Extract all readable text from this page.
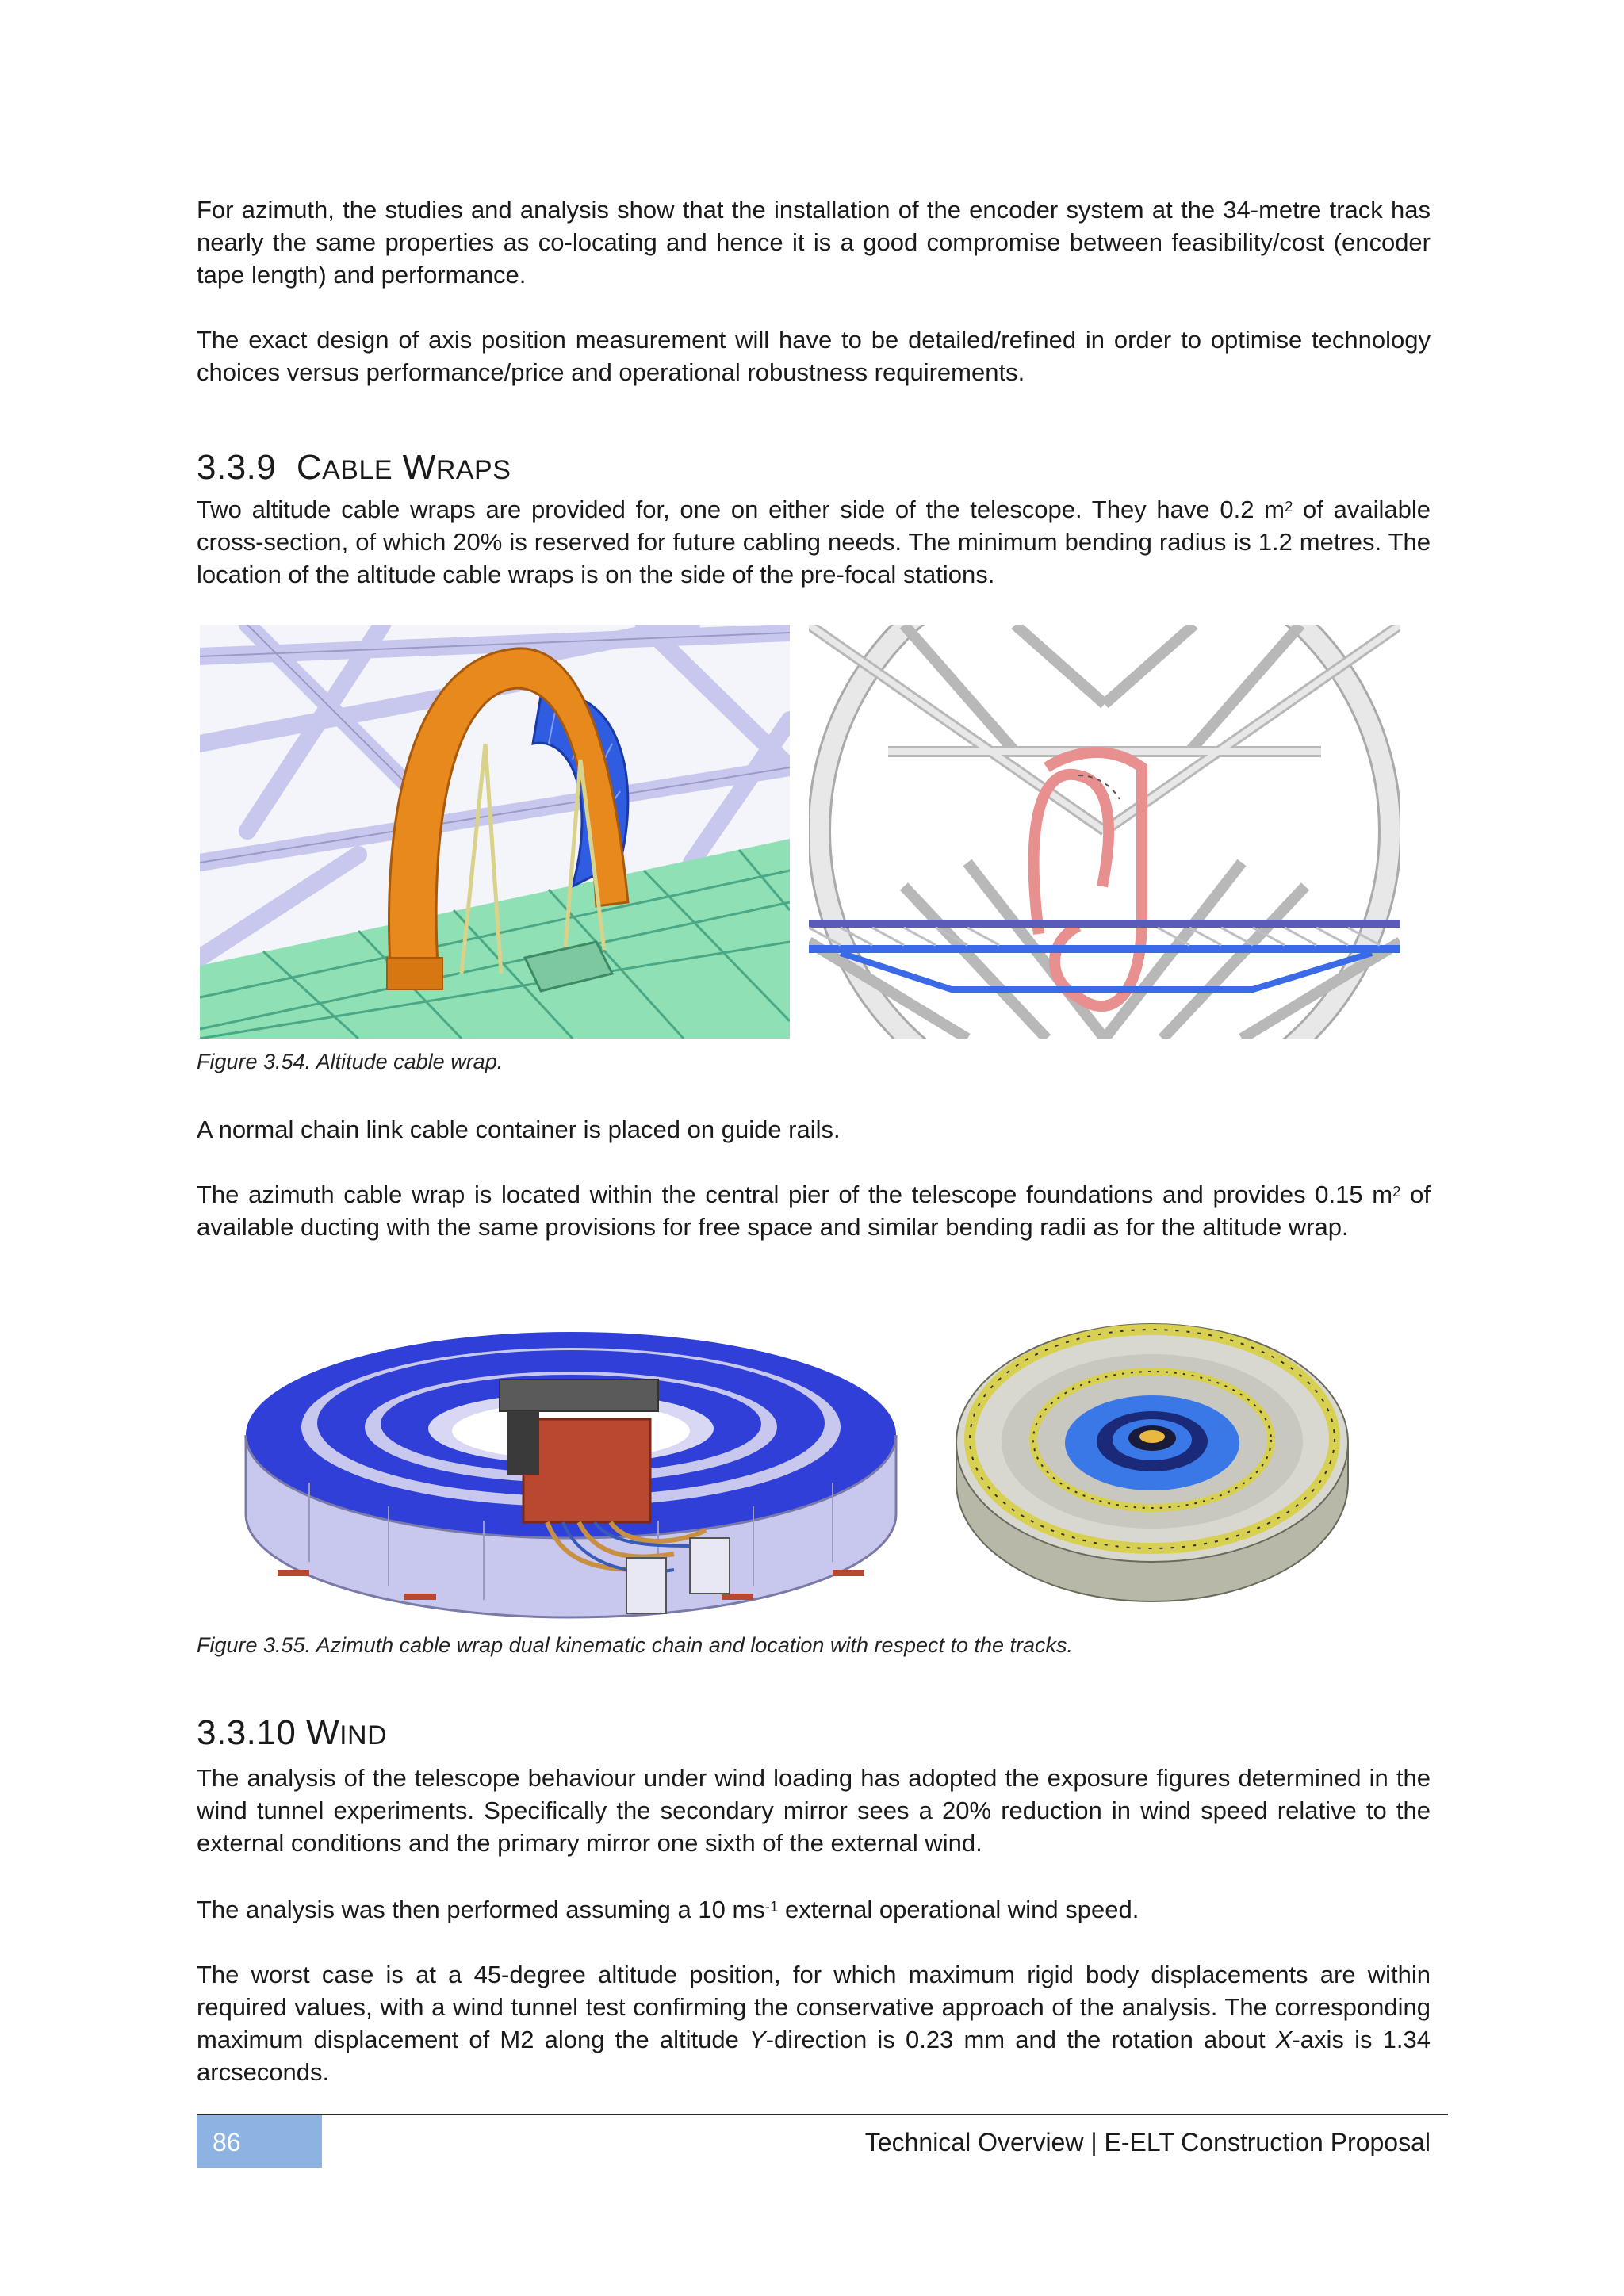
For azimuth, the studies and analysis show that the installation of the encoder system at the 34-metre track has nearly the same properties as co-locating and hence it is a good compromise between feasibility/cost (encoder tape length) and performance.

The exact design of axis position measurement will have to be detailed/refined in order to optimise technology choices versus performance/price and operational robustness requirements.

3.3.9 CABLE WRAPS

Two altitude cable wraps are provided for, one on either side of the telescope. They have 0.2 $m^2$ of available cross-section, of which 20% is reserved for future cabling needs. The minimum bending radius is 1.2 metres. The location of the altitude cable wraps is on the side of the pre-focal stations.

Figure 3.54. Altitude cable wrap.

A normal chain link cable container is placed on guide rails.

The azimuth cable wrap is located within the central pier of the telescope foundations and provides 0.15 $m^2$ of available ducting with the same provisions for free space and similar bending radii as for the altitude wrap.

Figure 3.55. Azimuth cable wrap dual kinematic chain and location with respect to the tracks.
3.3.10 WIND

The analysis of the telescope behaviour under wind loading has adopted the exposure figures determined in the wind tunnel experiments. Specifically the secondary mirror sees a 20% reduction in wind speed relative to the external conditions and the primary mirror one sixth of the external wind.

The analysis was then performed assuming a 10 $ms^{-1}$ external operational wind speed.

The worst case is at a 45-degree altitude position, for which maximum rigid body displacements are within required values, with a wind tunnel test confirming the conservative approach of the analysis. The corresponding maximum displacement of M2 along the altitude Y-direction is 0.23 mm and the rotation about X-axis is 1.34 arcseconds.

86	Technical Overview | E-ELT Construction Proposal
